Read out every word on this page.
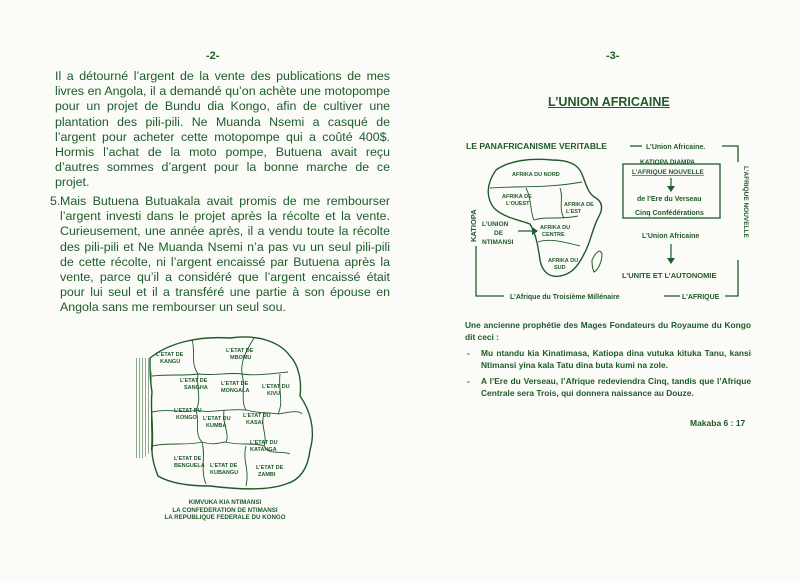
-2-

Il a détourné l’argent de la vente des publications de mes livres en Angola, il a demandé qu’on achète une motopompe pour un projet de Bundu dia Kongo, afin de cultiver une plantation des pili-pili. Ne Muanda Nsemi a casqué de l’argent pour acheter cette motopompe qui a coûté 400$. Hormis l’achat de la moto pompe, Butuena avait reçu d’autres sommes d’argent pour la bonne marche de ce projet.

5. Mais Butuena Butuakala avait promis de me rembourser l’argent investi dans le projet après la récolte et la vente. Curieusement, une année après, il a vendu toute la récolte des pili-pili et Ne Muanda Nsemi n’a pas vu un seul pili-pili de cette récolte, ni l’argent encaissé par Butuena après la vente, parce qu’il a considéré que l’argent encaissé était pour lui seul et il a transféré une partie à son épouse en Angola sans me rembourser un seul sou.
L’ETAT DE
KANGU
L’ETAT DE
MBOMU
L’ETAT DE
SANGHA
L’ETAT DE
MONGALA
L’ETAT DU
KIVU
L’ETAT DU
KONGO L’ETAT DU
KUMBA
L’ETAT DU
KASAI
L’ETAT DU
KATANGA
L’ETAT DE
BENGUELA L’ETAT DE
KUBANGU
L’ETAT DE
ZAMBI
KIMVUKA KIA NTIMANSI
LA CONFEDERATION DE NTIMANSI
LA REPUBLIQUE FEDERALE DU KONGO
-3-
L’UNION AFRICAINE
LE PANAFRICANISME VERITABLE	L’Union Africaine.
AFRIKA DU NORD
AFRIKA DE
L’OUEST	AFRIKA DE
L’EST
AFRIKA DU
CENTRE
AFRIKA DU
SUD
L’UNION
DE
NTIMANSI
KATIOPA	L’AFRIQUE NOUVELLE
KATIOPA DIAMPA
L’AFRIQUE NOUVELLE
de l’Ere du Verseau
Cinq Confédérations
L’Union Africaine
L’UNITE ET L’AUTONOMIE
L’Afrique du Troisième Millénaire	L’AFRIQUE
Une ancienne prophétie des Mages Fondateurs du Royaume du Kongo dit ceci :
-	Mu ntandu kia Kinatimasa, Katiopa dina vutuka kituka Tanu, kansi Ntimansi yina kala Tatu dina buta kumi na zole.
-	A l’Ere du Verseau, l’Afrique redeviendra Cinq, tandis que l’Afrique Centrale sera Trois, qui donnera naissance au Douze.
Makaba 6 : 17
